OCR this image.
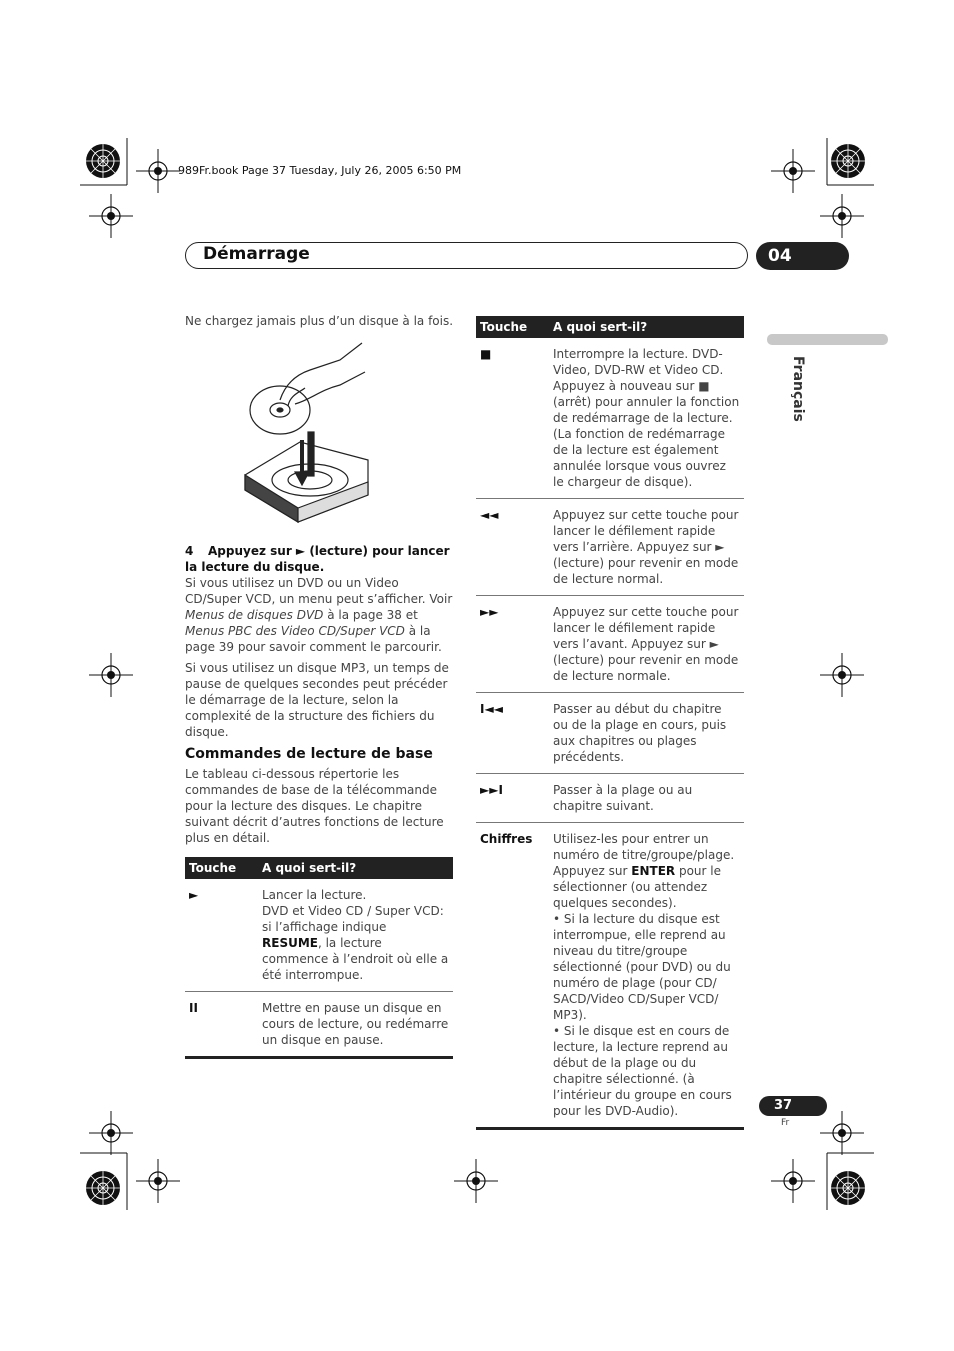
989Fr.book Page 37 Tuesday, July 26, 2005 6:50 PM
Démarrage	04
Français
Ne chargez jamais plus d’un disque à la fois.
4 Appuyez sur ► (lecture) pour lancer la lecture du disque.

Si vous utilisez un DVD ou un Video CD/Super VCD, un menu peut s’afficher. Voir Menus de disques DVD à la page 38 et Menus PBC des Video CD/Super VCD à la page 39 pour savoir comment le parcourir.

Si vous utilisez un disque MP3, un temps de pause de quelques secondes peut précéder le démarrage de la lecture, selon la complexité de la structure des fichiers du disque.
Commandes de lecture de base
Le tableau ci-dessous répertorie les commandes de base de la télécommande pour la lecture des disques. Le chapitre suivant décrit d’autres fonctions de lecture plus en détail.
Touche	A quoi sert-il?
►	Lancer la lecture.
DVD et Video CD / Super VCD: si l’affichage indique RESUME, la lecture commence à l’endroit où elle a été interrompue.

II	Mettre en pause un disque en cours de lecture, ou redémarre un disque en pause.
Touche	A quoi sert-il?
■	Interrompre la lecture. DVD-Video, DVD-RW et Video CD. Appuyez à nouveau sur ■ (arrêt) pour annuler la fonction de redémarrage de la lecture. (La fonction de redémarrage de la lecture est également annulée lorsque vous ouvrez le chargeur de disque).
◄◄	Appuyez sur cette touche pour lancer le défilement rapide vers l’arrière. Appuyez sur ► (lecture) pour revenir en mode de lecture normal.
►►	Appuyez sur cette touche pour lancer le défilement rapide vers l’avant. Appuyez sur ► (lecture) pour revenir en mode de lecture normale.
I◄◄	Passer au début du chapitre ou de la plage en cours, puis aux chapitres ou plages précédents.
►►I	Passer à la plage ou au chapitre suivant.
Chiffres	Utilisez-les pour entrer un numéro de titre/groupe/plage. Appuyez sur ENTER pour le sélectionner (ou attendez quelques secondes).
• Si la lecture du disque est interrompue, elle reprend au niveau du titre/groupe sélectionné (pour DVD) ou du numéro de plage (pour CD/ SACD/Video CD/Super VCD/ MP3).
• Si le disque est en cours de lecture, la lecture reprend au début de la plage ou du chapitre sélectionné. (à l’intérieur du groupe en cours pour les DVD-Audio).	37
Fr
